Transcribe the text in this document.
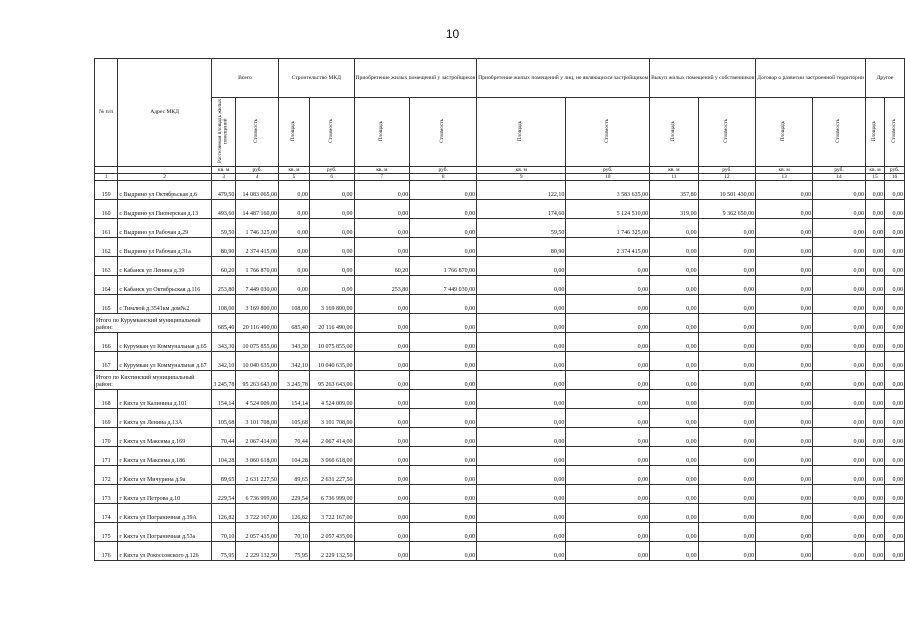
10
№ п/п	Адрес МКД	Всего		Строительство МКД		Приобретение жилых помещений у застройщиков		Приобретение жилых помещений у лиц, не являющихся застройщиком		Выкуп жилых помещений у собственников		Договор о развитии застроенной территории		Другое	
		Расселяемая площадь жилых помещений	Стоимость	Площадь	Стоимость	Площадь	Стоимость	Площадь	Стоимость	Площадь	Стоимость	Площадь	Стоимость	Площадь	Стоимость
		кв. м	руб.	кв. м	руб.	кв. м	руб.	кв. м	руб.	кв. м	руб.	кв. м	руб.	кв. м	руб.
1	2	3	4	5	6	7	8	9	10	11	12	13	14	15	16
159	с Выдрино ул Октябрьская д.6	479,50	14 083 065,00	0,00	0,00	0,00	0,00	122,10	3 583 635,00	357,80	10 501 430,00	0,00	0,00	0,00	0,00
160	с Выдрино ул Пионерская д.13	493,60	14 487 160,00	0,00	0,00	0,00	0,00	174,60	5 124 510,00	319,00	9 362 650,00	0,00	0,00	0,00	0,00
161	с Выдрино ул Рабочая д.29	59,50	1 746 325,00	0,00	0,00	0,00	0,00	59,50	1 746 325,00	0,00	0,00	0,00	0,00	0,00	0,00
162	с Выдрино ул Рабочая д.31а	80,90	2 374 415,00	0,00	0,00	0,00	0,00	80,90	2 374 415,00	0,00	0,00	0,00	0,00	0,00	0,00
163	с Кабанск ул Ленина д.39	60,20	1 766 870,00	0,00	0,00	60,20	1 766 870,00	0,00	0,00	0,00	0,00	0,00	0,00	0,00	0,00
164	с Кабанск ул Октябрьская д.116	253,80	7 449 030,00	0,00	0,00	253,80	7 449 030,00	0,00	0,00	0,00	0,00	0,00	0,00	0,00	0,00
165	с Тимлюй д.3541км дом№2	108,00	3 169 800,00	108,00	3 169 800,00	0,00	0,00	0,00	0,00	0,00	0,00	0,00	0,00	0,00	0,00
Итого по Курумканский муниципальный район:		685,40	20 116 490,00	685,40	20 116 490,00	0,00	0,00	0,00	0,00	0,00	0,00	0,00	0,00	0,00	0,00
166	с Курумкан ул Коммунальная д.65	343,30	10 075 855,00	343,30	10 075 855,00	0,00	0,00	0,00	0,00	0,00	0,00	0,00	0,00	0,00	0,00
167	с Курумкан ул Коммунальная д.67	342,10	10 040 635,00	342,10	10 040 635,00	0,00	0,00	0,00	0,00	0,00	0,00	0,00	0,00	0,00	0,00
Итого по Кяхтинский муниципальный район:		3 245,78	95 263 643,00	3 245,78	95 263 643,00	0,00	0,00	0,00	0,00	0,00	0,00	0,00	0,00	0,00	0,00
168	г Кяхта ул Калинина д.101	154,14	4 524 009,00	154,14	4 524 009,00	0,00	0,00	0,00	0,00	0,00	0,00	0,00	0,00	0,00	0,00
169	г Кяхта ул Ленина д.13А	105,68	3 101 708,00	105,68	3 101 708,00	0,00	0,00	0,00	0,00	0,00	0,00	0,00	0,00	0,00	0,00
170	г Кяхта ул Максима д.169	70,44	2 067 414,00	70,44	2 067 414,00	0,00	0,00	0,00	0,00	0,00	0,00	0,00	0,00	0,00	0,00
171	г Кяхта ул Максима д.186	104,28	3 060 618,00	104,28	3 060 618,00	0,00	0,00	0,00	0,00	0,00	0,00	0,00	0,00	0,00	0,00
172	г Кяхта ул Мичурина д.9а	89,65	2 631 227,50	89,65	2 631 227,50	0,00	0,00	0,00	0,00	0,00	0,00	0,00	0,00	0,00	0,00
173	г Кяхта ул Петрова д.10	229,54	6 736 999,00	229,54	6 736 999,00	0,00	0,00	0,00	0,00	0,00	0,00	0,00	0,00	0,00	0,00
174	г Кяхта ул Пограничная д.39А	126,82	3 722 167,00	126,82	3 722 167,00	0,00	0,00	0,00	0,00	0,00	0,00	0,00	0,00	0,00	0,00
175	г Кяхта ул Пограничная д.53а	70,10	2 057 435,00	70,10	2 057 435,00	0,00	0,00	0,00	0,00	0,00	0,00	0,00	0,00	0,00	0,00
176	г Кяхта ул Рокоссовского д.126	75,95	2 229 132,50	75,95	2 229 132,50	0,00	0,00	0,00	0,00	0,00	0,00	0,00	0,00	0,00	0,00
